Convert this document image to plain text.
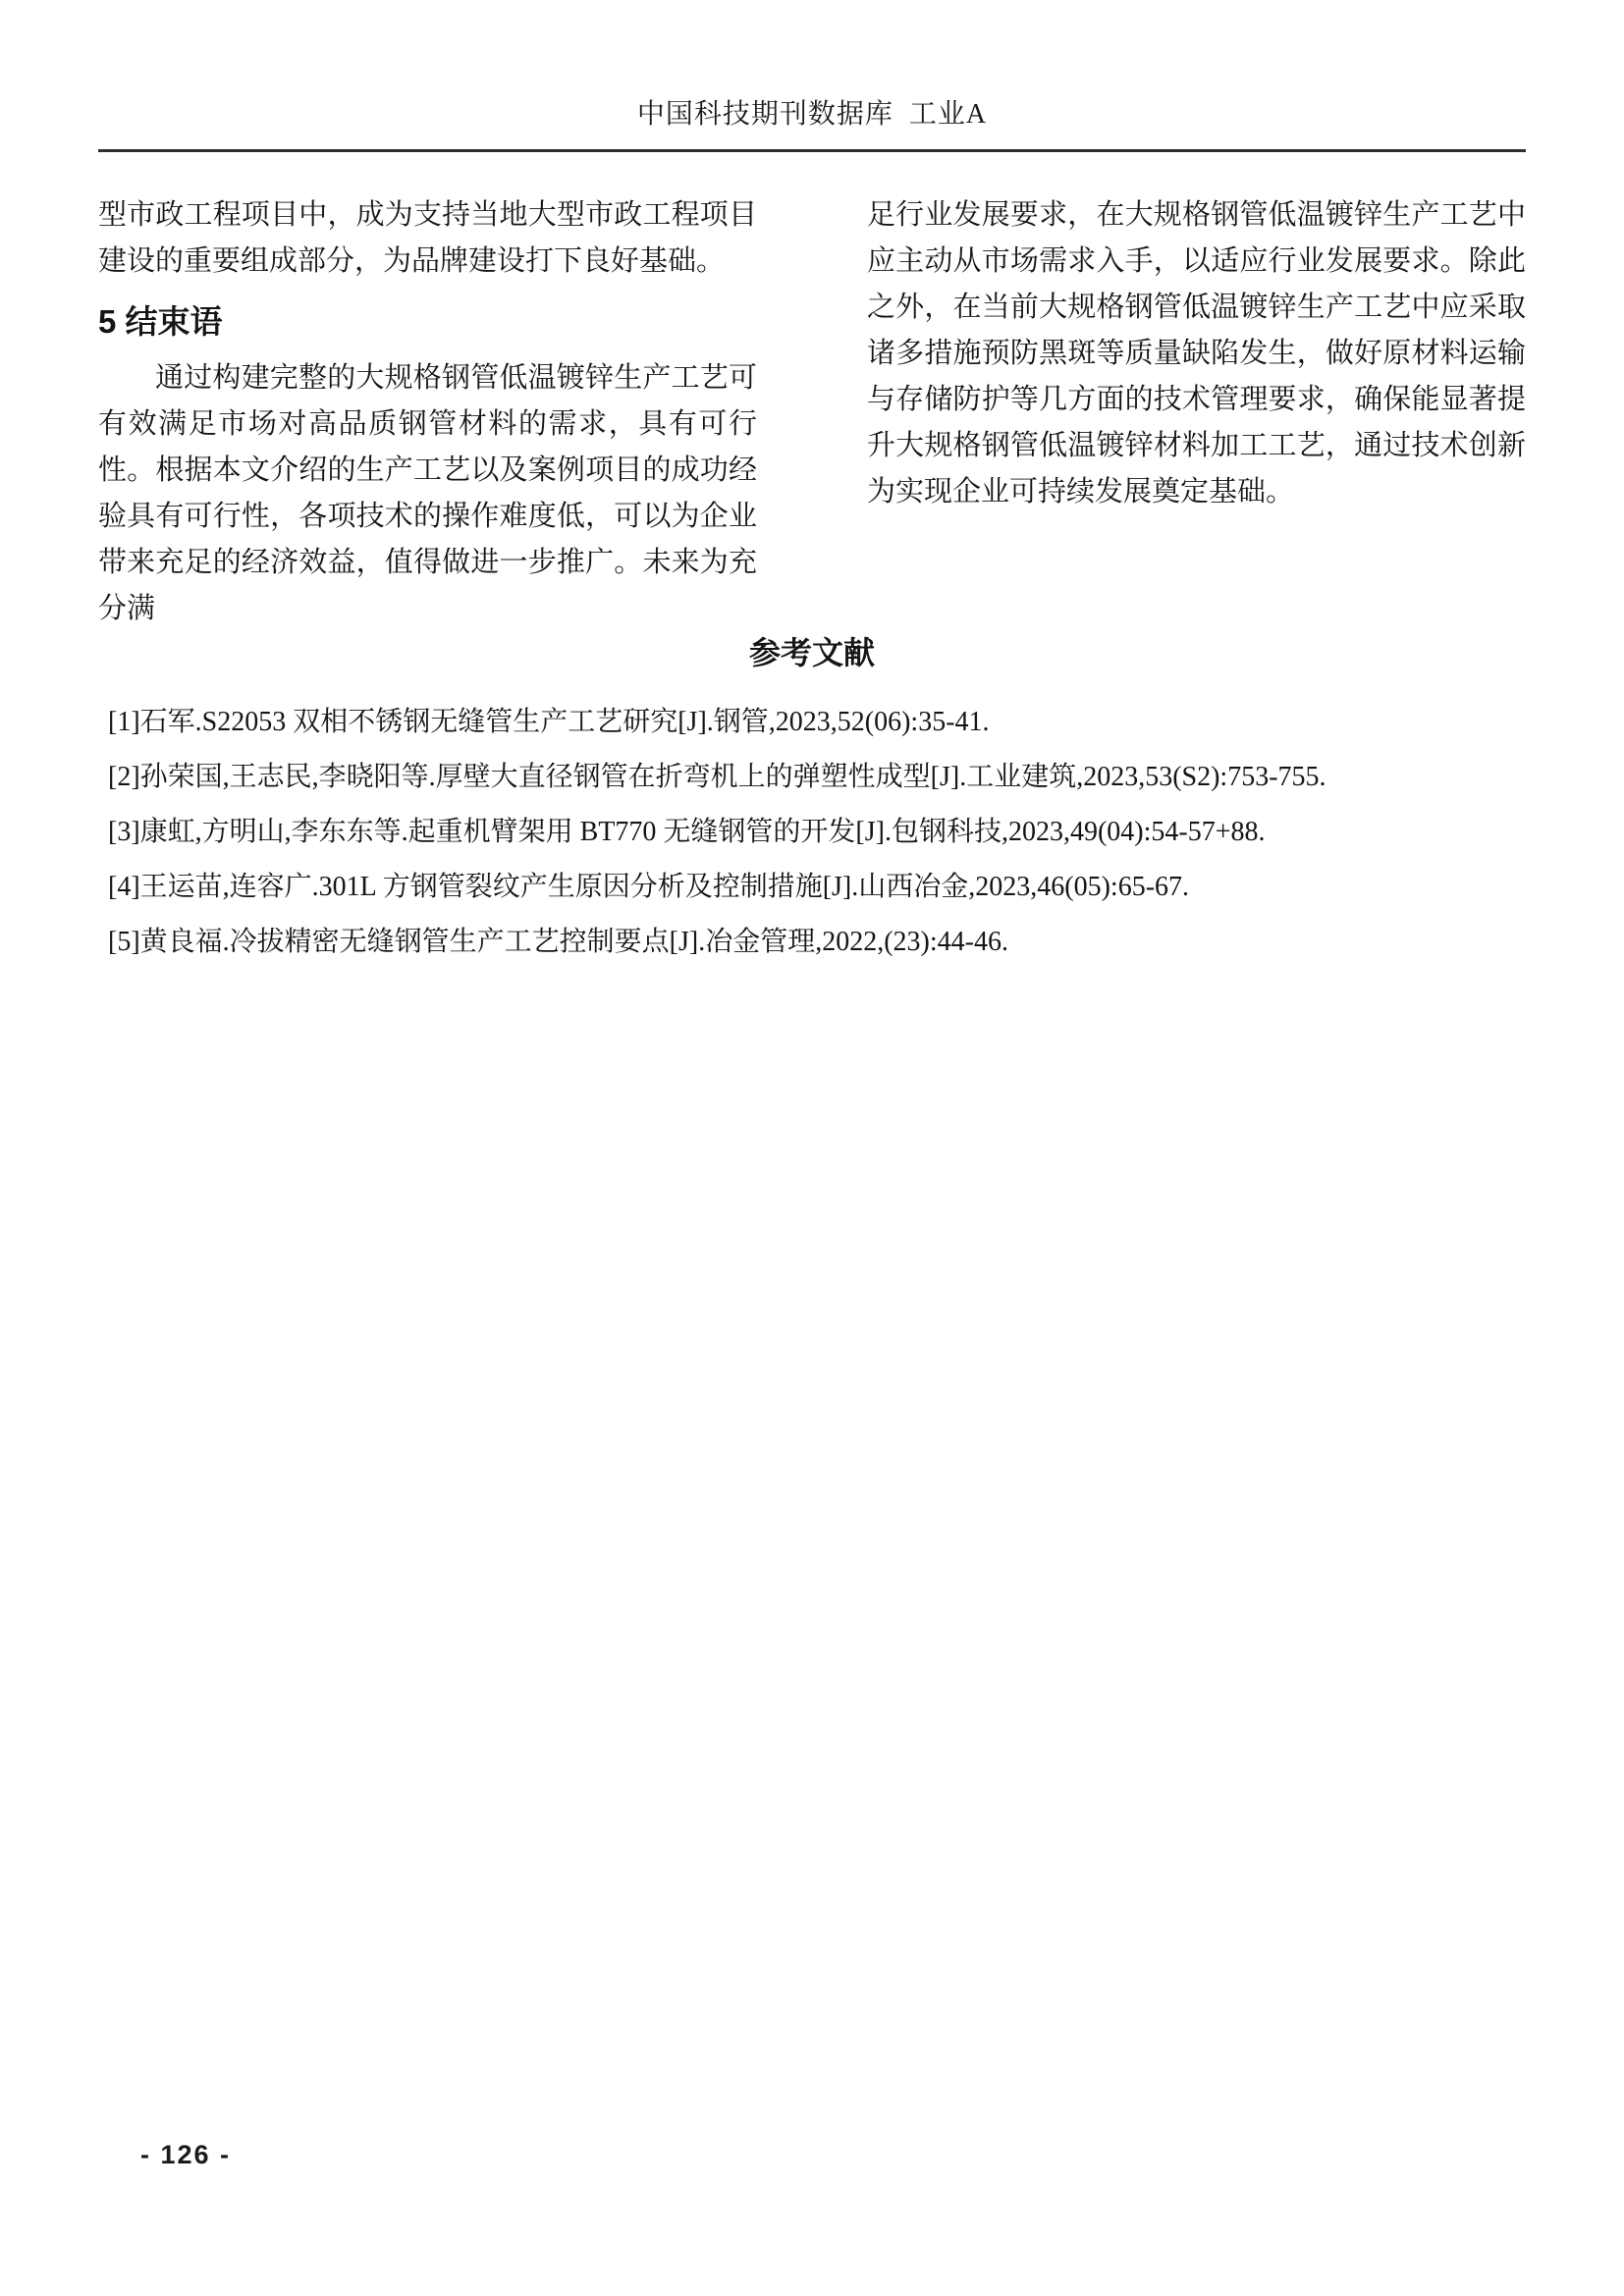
中国科技期刊数据库  工业A

型市政工程项目中，成为支持当地大型市政工程项目建设的重要组成部分，为品牌建设打下良好基础。

5 结束语

通过构建完整的大规格钢管低温镀锌生产工艺可有效满足市场对高品质钢管材料的需求，具有可行性。根据本文介绍的生产工艺以及案例项目的成功经验具有可行性，各项技术的操作难度低，可以为企业带来充足的经济效益，值得做进一步推广。未来为充分满

足行业发展要求，在大规格钢管低温镀锌生产工艺中应主动从市场需求入手，以适应行业发展要求。除此之外，在当前大规格钢管低温镀锌生产工艺中应采取诸多措施预防黑斑等质量缺陷发生，做好原材料运输与存储防护等几方面的技术管理要求，确保能显著提升大规格钢管低温镀锌材料加工工艺，通过技术创新为实现企业可持续发展奠定基础。

参考文献
[1]石军.S22053 双相不锈钢无缝管生产工艺研究[J].钢管,2023,52(06):35-41.
[2]孙荣国,王志民,李晓阳等.厚壁大直径钢管在折弯机上的弹塑性成型[J].工业建筑,2023,53(S2):753-755.
[3]康虹,方明山,李东东等.起重机臂架用 BT770 无缝钢管的开发[J].包钢科技,2023,49(04):54-57+88.
[4]王运苗,连容广.301L 方钢管裂纹产生原因分析及控制措施[J].山西冶金,2023,46(05):65-67.
[5]黄良福.冷拔精密无缝钢管生产工艺控制要点[J].冶金管理,2022,(23):44-46.
- 126 -
